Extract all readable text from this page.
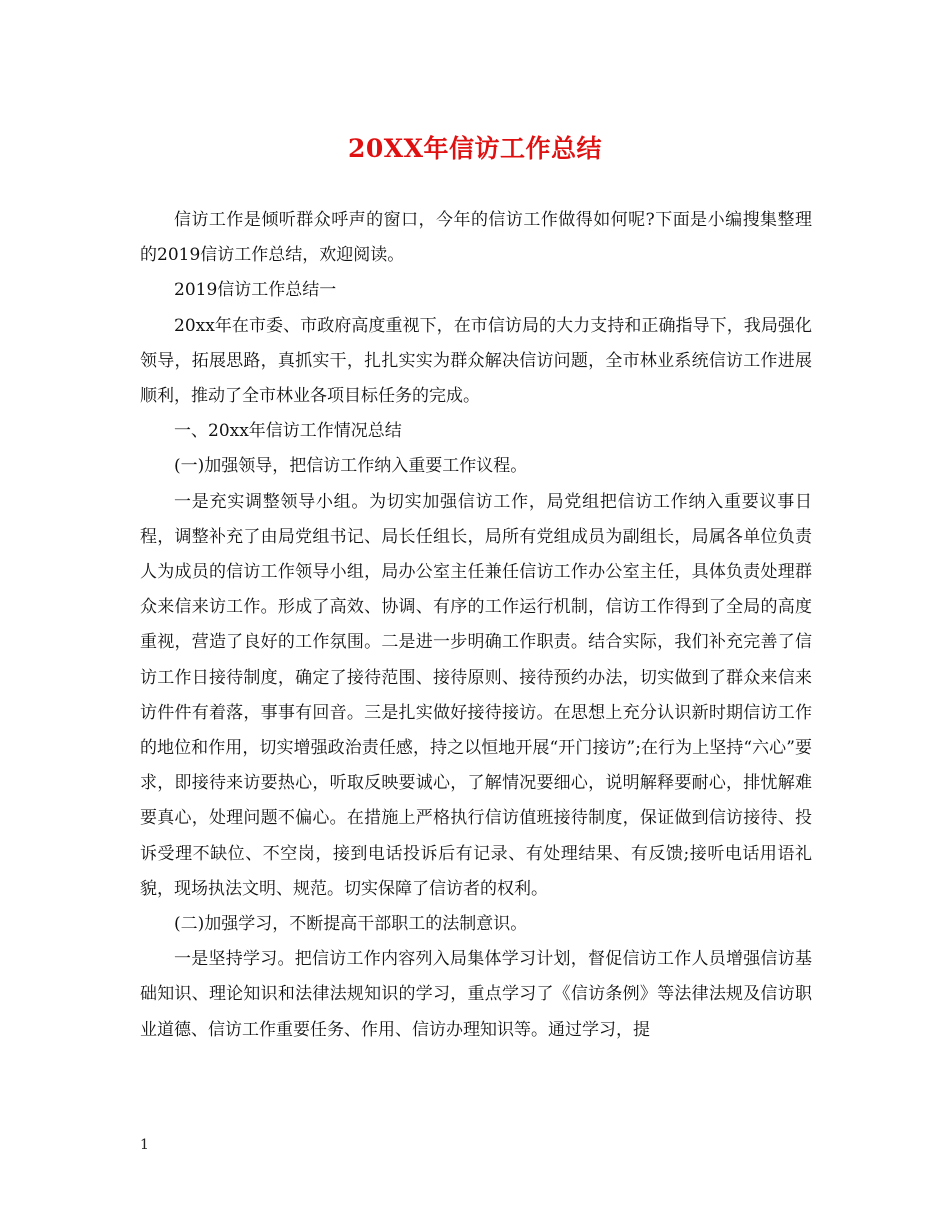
20XX年信访工作总结

信访工作是倾听群众呼声的窗口，今年的信访工作做得如何呢?下面是小编搜集整理的2019信访工作总结，欢迎阅读。

2019信访工作总结一

20xx年在市委、市政府高度重视下，在市信访局的大力支持和正确指导下，我局强化领导，拓展思路，真抓实干，扎扎实实为群众解决信访问题，全市林业系统信访工作进展顺利，推动了全市林业各项目标任务的完成。

一、20xx年信访工作情况总结

(一)加强领导，把信访工作纳入重要工作议程。

一是充实调整领导小组。为切实加强信访工作，局党组把信访工作纳入重要议事日程，调整补充了由局党组书记、局长任组长，局所有党组成员为副组长，局属各单位负责人为成员的信访工作领导小组，局办公室主任兼任信访工作办公室主任，具体负责处理群众来信来访工作。形成了高效、协调、有序的工作运行机制，信访工作得到了全局的高度重视，营造了良好的工作氛围。二是进一步明确工作职责。结合实际，我们补充完善了信访工作日接待制度，确定了接待范围、接待原则、接待预约办法，切实做到了群众来信来访件件有着落，事事有回音。三是扎实做好接待接访。在思想上充分认识新时期信访工作的地位和作用，切实增强政治责任感，持之以恒地开展“开门接访”;在行为上坚持“六心”要求，即接待来访要热心，听取反映要诚心，了解情况要细心，说明解释要耐心，排忧解难要真心，处理问题不偏心。在措施上严格执行信访值班接待制度，保证做到信访接待、投诉受理不缺位、不空岗，接到电话投诉后有记录、有处理结果、有反馈;接听电话用语礼貌，现场执法文明、规范。切实保障了信访者的权利。

(二)加强学习，不断提高干部职工的法制意识。

一是坚持学习。把信访工作内容列入局集体学习计划，督促信访工作人员增强信访基础知识、理论知识和法律法规知识的学习，重点学习了《信访条例》等法律法规及信访职业道德、信访工作重要任务、作用、信访办理知识等。通过学习，提

1
